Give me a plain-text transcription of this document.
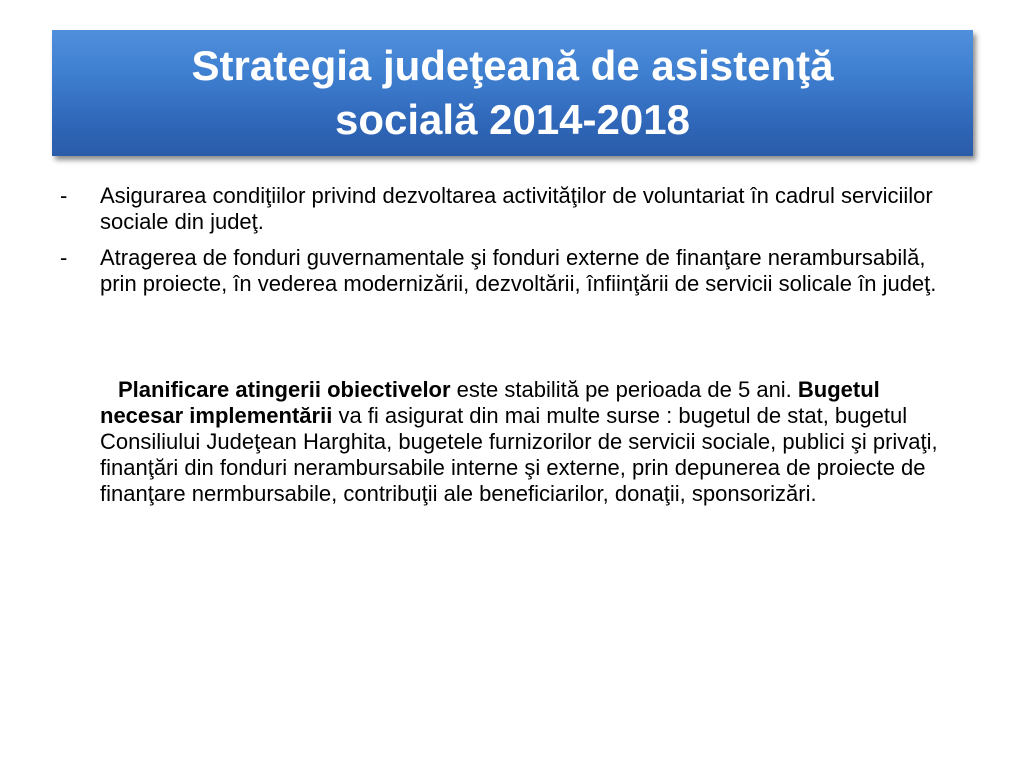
Strategia judeţeană de asistenţă
socială 2014-2018
- Asigurarea condiţiilor privind dezvoltarea activităţilor de voluntariat în cadrul serviciilor sociale din judeţ.
- Atragerea de fonduri guvernamentale şi fonduri externe de finanţare nerambursabilă, prin proiecte, în vederea modernizării, dezvoltării, înfiinţării de servicii solicale în judeţ.

Planificare atingerii obiectivelor este stabilită pe perioada de 5 ani. Bugetul necesar implementării va fi asigurat din mai multe surse : bugetul de stat, bugetul Consiliului Judeţean Harghita, bugetele furnizorilor de servicii sociale, publici şi privaţi, finanţări din fonduri nerambursabile interne şi externe, prin depunerea de proiecte de finanţare nermbursabile, contribuţii ale beneficiarilor, donaţii, sponsorizări.
